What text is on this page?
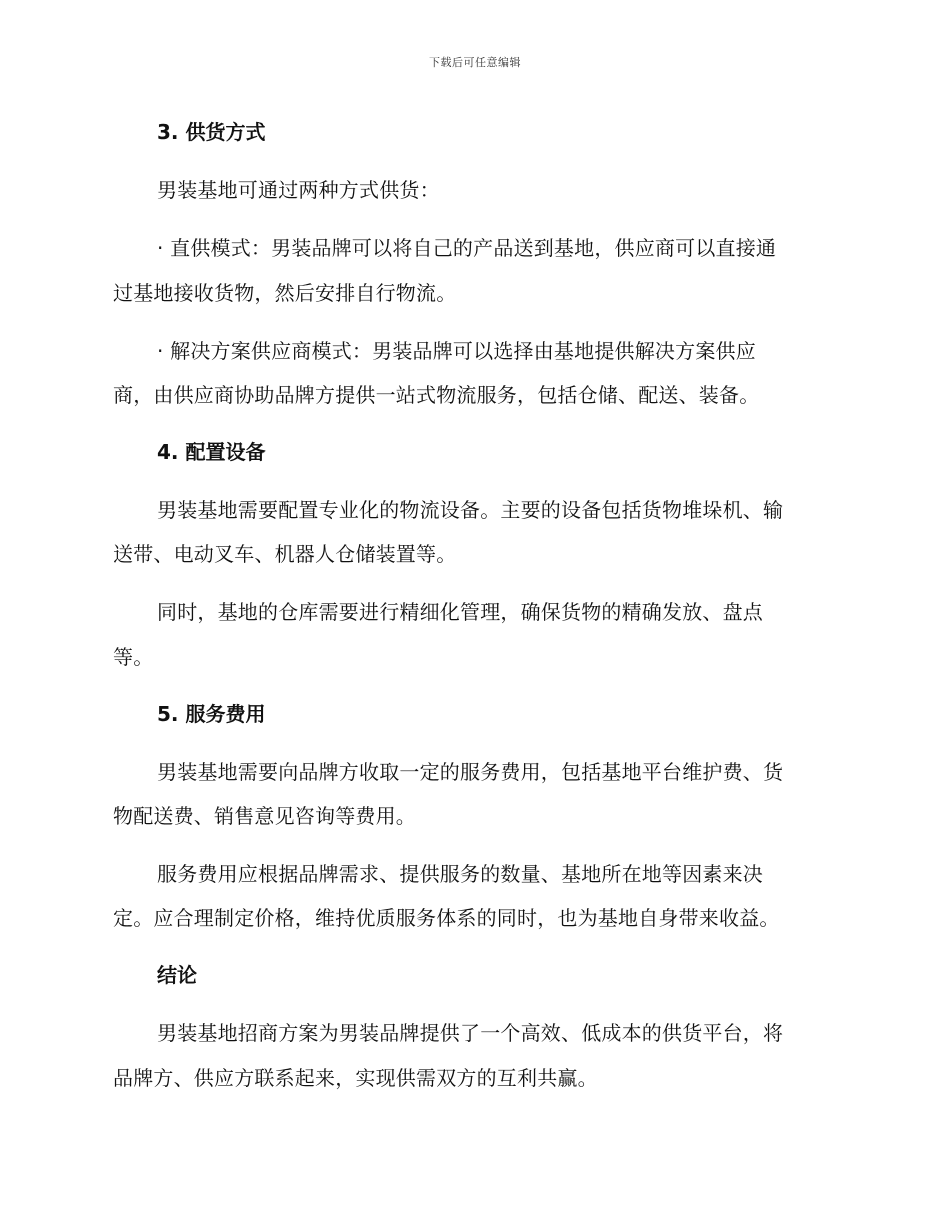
下载后可任意编辑
3. 供货方式
男装基地可通过两种方式供货：
· 直供模式：男装品牌可以将自己的产品送到基地，供应商可以直接通
过基地接收货物，然后安排自行物流。
· 解决方案供应商模式：男装品牌可以选择由基地提供解决方案供应
商，由供应商协助品牌方提供一站式物流服务，包括仓储、配送、装备。
4. 配置设备
男装基地需要配置专业化的物流设备。主要的设备包括货物堆垛机、输
送带、电动叉车、机器人仓储装置等。
同时，基地的仓库需要进行精细化管理，确保货物的精确发放、盘点
等。
5. 服务费用
男装基地需要向品牌方收取一定的服务费用，包括基地平台维护费、货
物配送费、销售意见咨询等费用。
服务费用应根据品牌需求、提供服务的数量、基地所在地等因素来决
定。应合理制定价格，维持优质服务体系的同时，也为基地自身带来收益。
结论
男装基地招商方案为男装品牌提供了一个高效、低成本的供货平台，将
品牌方、供应方联系起来，实现供需双方的互利共赢。
